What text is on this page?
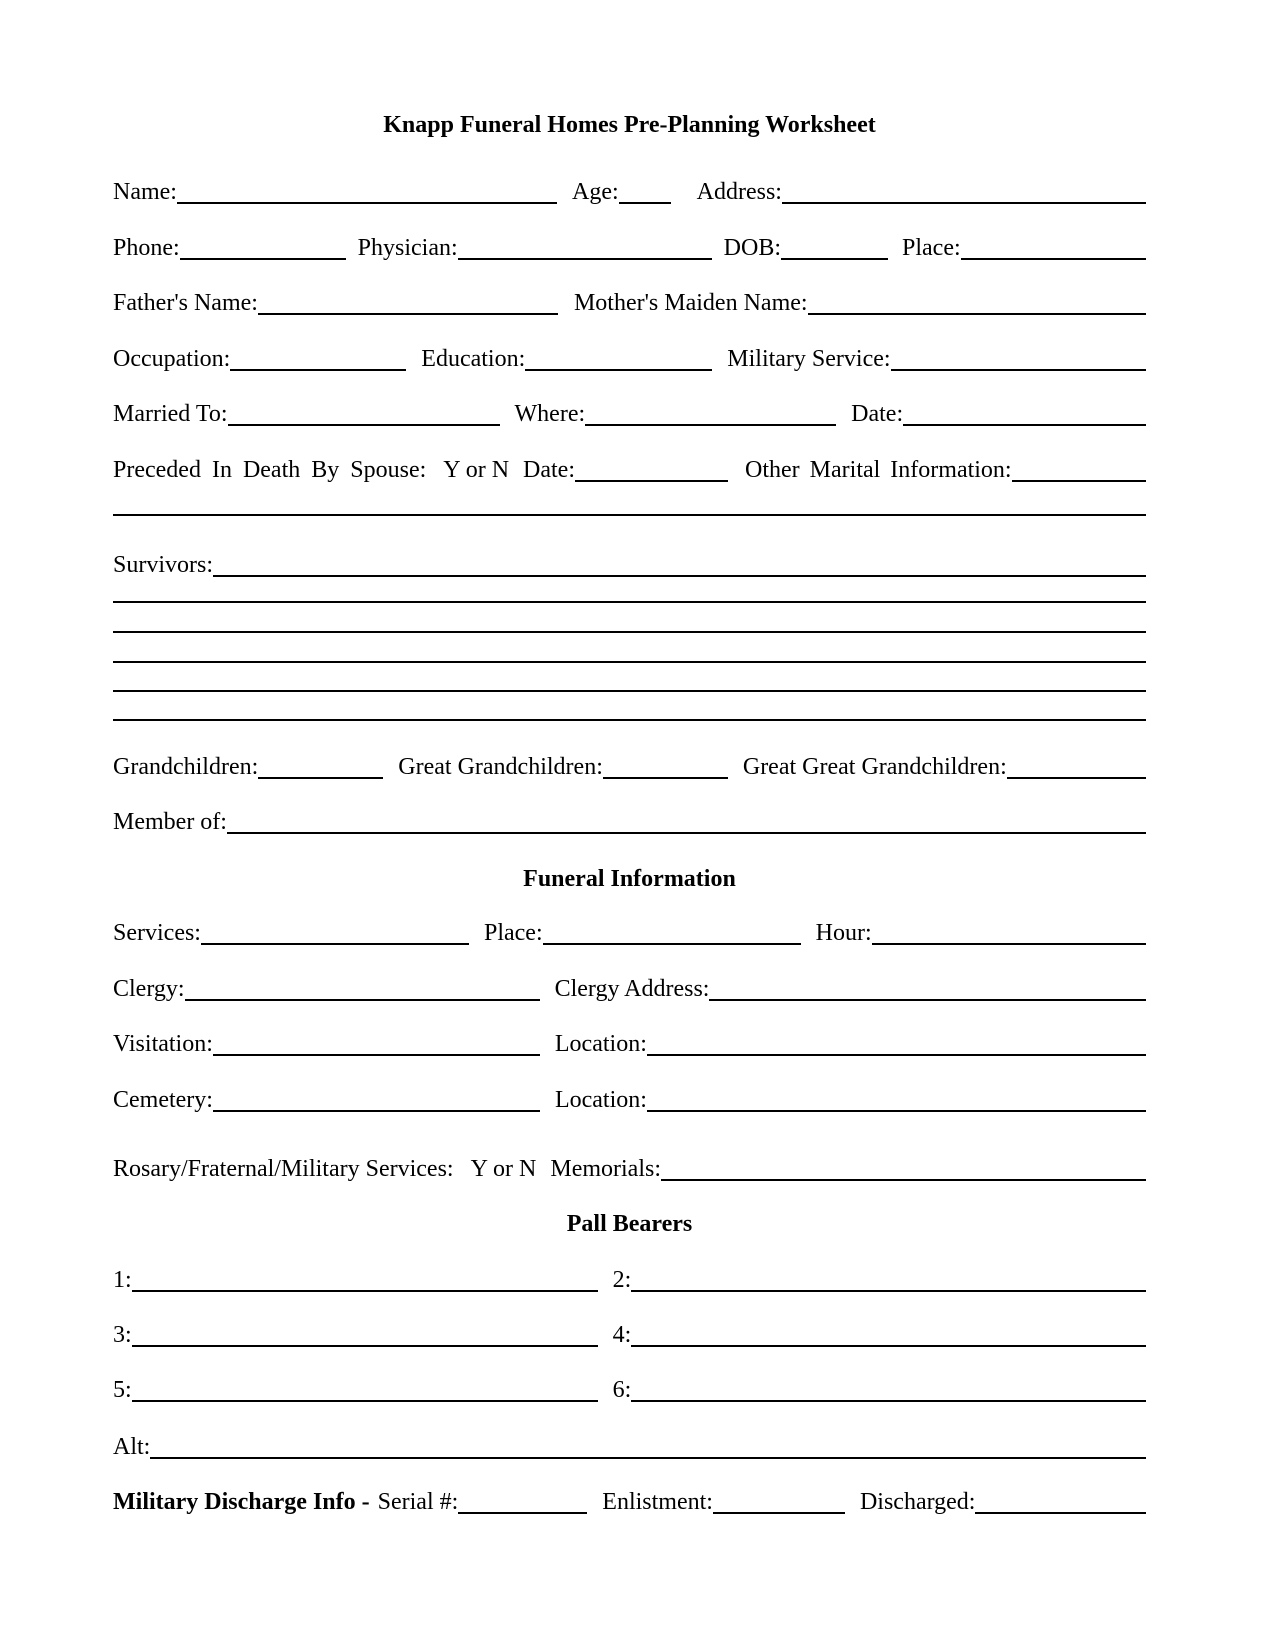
Knapp Funeral Homes Pre-Planning Worksheet
Name:	Age:	Address:
Phone:	Physician:	DOB:	Place:
Father's Name:	Mother's Maiden Name:
Occupation:	Education:	Military Service:
Married To:	Where:	Date:
Preceded In Death By Spouse: Y or N Date:	Other Marital Information:
Survivors:
Grandchildren:	Great Grandchildren:	Great Great Grandchildren:
Member of:
Funeral Information
Services:	Place:	Hour:
Clergy:	Clergy Address:
Visitation:	Location:
Cemetery:	Location:
Rosary/Fraternal/Military Services: Y or N Memorials:
Pall Bearers
1:	2:
3:	4:
5:	6:
Alt:
Military Discharge Info - Serial #:	Enlistment:	Discharged:
